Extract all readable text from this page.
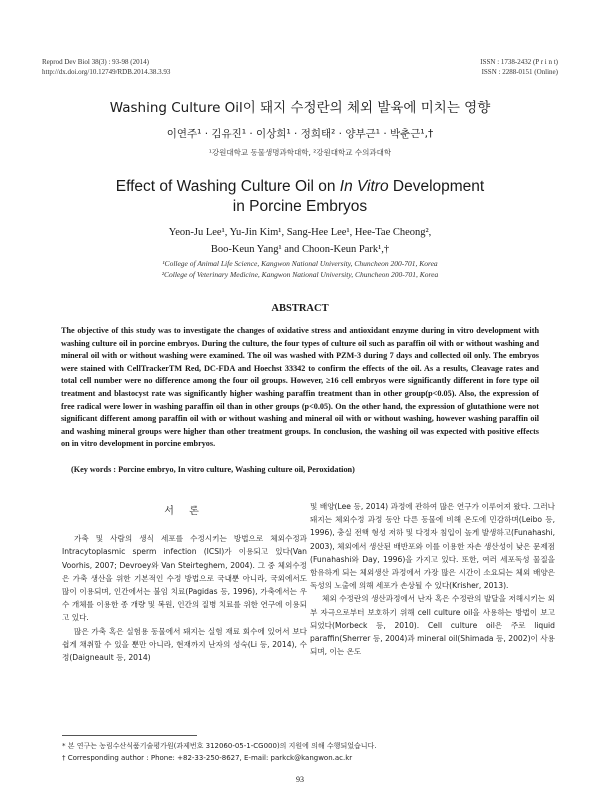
Reprod Dev Biol 38(3) : 93-98 (2014)
http://dx.doi.org/10.12749/RDB.2014.38.3.93
ISSN : 1738-2432 (P r i n t)
ISSN : 2288-0151 (Online)
Washing Culture Oil이 돼지 수정란의 체외 발육에 미치는 영향
이연주¹ · 김유진¹ · 이상희¹ · 정희태² · 양부근¹ · 박춘근¹,†
¹강원대학교 동물생명과학대학, ²강원대학교 수의과대학
Effect of Washing Culture Oil on In Vitro Development
in Porcine Embryos
Yeon-Ju Lee¹, Yu-Jin Kim¹, Sang-Hee Lee¹, Hee-Tae Cheong²,
Boo-Keun Yang¹ and Choon-Keun Park¹,†
¹College of Animal Life Science, Kangwon National University, Chuncheon 200-701, Korea
²College of Veterinary Medicine, Kangwon National University, Chuncheon 200-701, Korea
ABSTRACT
The objective of this study was to investigate the changes of oxidative stress and antioxidant enzyme during in vitro development with washing culture oil in porcine embryos. During the culture, the four types of culture oil such as paraffin oil with or without washing and mineral oil with or without washing were examined. The oil was washed with PZM-3 during 7 days and collected oil only. The embryos were stained with CellTrackerTM Red, DC-FDA and Hoechst 33342 to confirm the effects of the oil. As a results, Cleavage rates and total cell number were no difference among the four oil groups. However, ≥16 cell embryos were significantly different in fore type oil treatment and blastocyst rate was significantly higher washing paraffin treatment than in other group(p<0.05). Also, the expression of free radical were lower in washing paraffin oil than in other groups (p<0.05). On the other hand, the expression of glutathione were not significant different among paraffin oil with or without washing and mineral oil with or without washing, however washing paraffin oil and washing mineral groups were higher than other treatment groups. In conclusion, the washing oil was expected with positive effects on in vitro development in porcine embryos.
(Key words : Porcine embryo, In vitro culture, Washing culture oil, Peroxidation)
서 론

가축 및 사람의 생식 세포를 수정시키는 방법으로 체외수정과 Intracytoplasmic sperm infection (ICSI)가 이용되고 있다(Van Voorhis, 2007; Devroey와 Van Steirteghem, 2004). 그 중 체외수정은 가축 생산을 위한 기본적인 수정 방법으로 국내뿐 아니라, 국외에서도 많이 이용되며, 인간에서는 불임 치료(Pagidas 등, 1996), 가축에서는 우수 개체를 이용한 종 개량 및 복원, 인간의 질병 치료를 위한 연구에 이용되고 있다.

많은 가축 혹은 실험용 동물에서 돼지는 실험 재료 회수에 있어서 보다 쉽게 채취할 수 있을 뿐만 아니라, 현재까지 난자의 성숙(Li 등, 2014), 수정(Daigneault 등, 2014)

및 배양(Lee 등, 2014) 과정에 관하여 많은 연구가 이루어져 왔다. 그러나 돼지는 체외수정 과정 동안 다른 동물에 비해 온도에 민감하며(Leibo 등, 1996), 충실 전핵 형성 저하 및 다정자 침입이 높게 발생하고(Funahashi, 2003), 체외에서 생산된 배반포와 이를 이용한 자손 생산성이 낮은 문제점(Funahashi와 Day, 1996)을 가지고 있다. 또한, 여러 세포독성 물질을 함유하게 되는 체외생산 과정에서 가장 많은 시간이 소요되는 체외 배양은 독성의 노출에 의해 세포가 손상될 수 있다(Krisher, 2013).

체외 수정란의 생산과정에서 난자 혹은 수정란의 발달을 저해시키는 외부 자극으로부터 보호하기 위해 cell culture oil을 사용하는 방법이 보고되었다(Morbeck 등, 2010). Cell culture oil은 주로 liquid paraffin(Sherrer 등, 2004)과 mineral oil(Shimada 등, 2002)이 사용되며, 이는 온도

* 본 연구는 농림수산식품기술평가원(과제번호 312060-05-1-CG000)의 지원에 의해 수행되었습니다.
† Corresponding author : Phone: +82-33-250-8627, E-mail: parkck@kangwon.ac.kr
93
